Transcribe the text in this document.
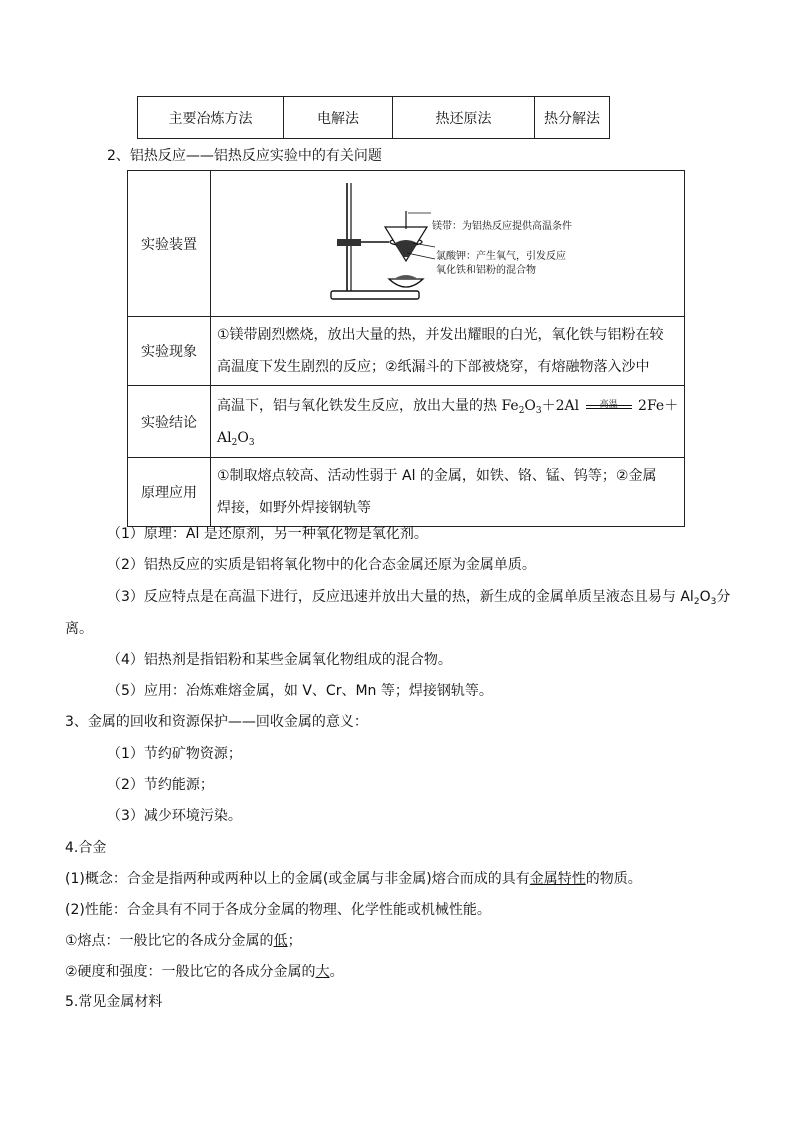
主要冶炼方法	电解法	热还原法	热分解法
2、铝热反应——铝热反应实验中的有关问题
实验装置	镁带：为铝热反应提供高温条件
氯酸钾：产生氧气，引发反应
氧化铁和铝粉的混合物

实验现象	①镁带剧烈燃烧，放出大量的热，并发出耀眼的白光，氧化铁与铝粉在较
高温度下发生剧烈的反应；②纸漏斗的下部被烧穿，有熔融物落入沙中

实验结论	高温下，铝与氧化铁发生反应，放出大量的热 $Fe_2O_3+2Al$ 高温 2Fe＋
$Al_2O_3$

原理应用	①制取熔点较高、活动性弱于 Al 的金属，如铁、铬、锰、钨等；②金属
焊接，如野外焊接钢轨等
（1）原理：Al 是还原剂，另一种氧化物是氧化剂。
（2）铝热反应的实质是铝将氧化物中的化合态金属还原为金属单质。
（3）反应特点是在高温下进行，反应迅速并放出大量的热，新生成的金属单质呈液态且易与 $Al_2O_3$分
离。
（4）铝热剂是指铝粉和某些金属氧化物组成的混合物。
（5）应用：冶炼难熔金属，如 V、Cr、Mn 等；焊接钢轨等。
3、金属的回收和资源保护——回收金属的意义：
（1）节约矿物资源；
（2）节约能源；
（3）减少环境污染。
4.合金
(1)概念：合金是指两种或两种以上的金属(或金属与非金属)熔合而成的具有金属特性的物质。
(2)性能：合金具有不同于各成分金属的物理、化学性能或机械性能。
①熔点：一般比它的各成分金属的低；
②硬度和强度：一般比它的各成分金属的大。
5.常见金属材料
